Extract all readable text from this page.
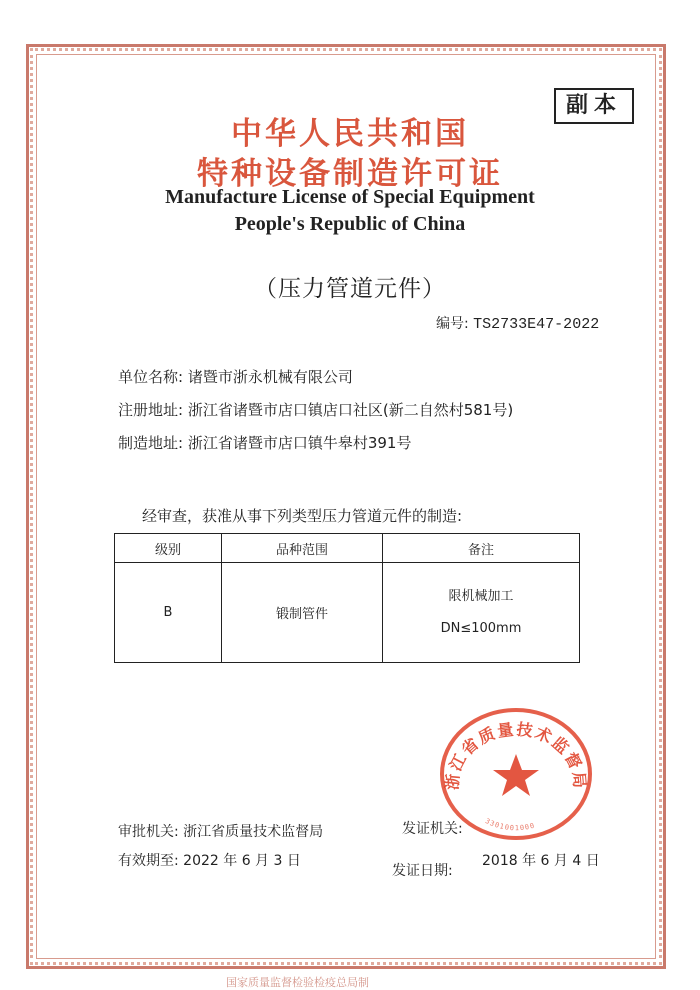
副本
中华人民共和国
特种设备制造许可证
Manufacture License of Special Equipment
People's Republic of China
（压力管道元件）
编号: TS2733E47-2022
单位名称: 诸暨市浙永机械有限公司
注册地址: 浙江省诸暨市店口镇店口社区(新二自然村581号)
制造地址: 浙江省诸暨市店口镇牛皋村391号
经审查，获准从事下列类型压力管道元件的制造:
级别	品种范围	备注
B	锻制管件	限机械加工
DN≤100mm
浙江省质量技术监督局
3301001000
审批机关: 浙江省质量技术监督局	发证机关:
有效期至: 2022 年 6 月 3 日
发证日期:
2018 年 6 月 4 日
国家质量监督检验检疫总局制
